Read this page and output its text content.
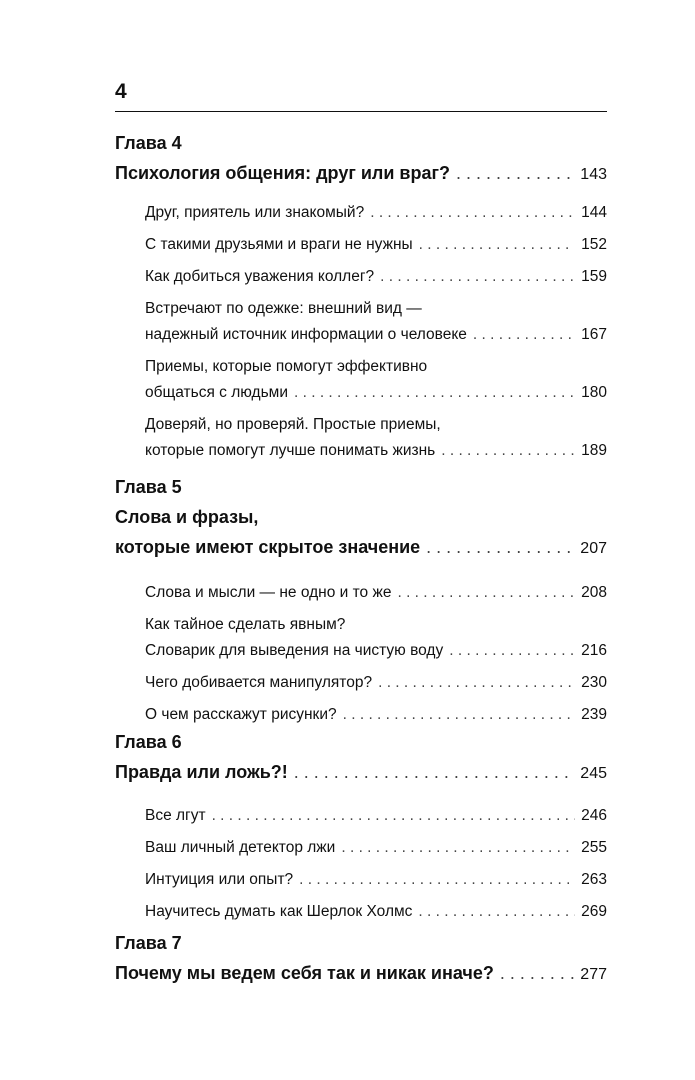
4
Глава 4
Психология общения: друг или враг? . . .	143
Друг, приятель или знакомый? . . .	144
С такими друзьями и враги не нужны . . .	152
Как добиться уважения коллег? . . .	159
Встречают по одежке: внешний вид —
надежный источник информации о человеке . . .	167
Приемы, которые помогут эффективно
общаться с людьми . . .	180
Доверяй, но проверяй. Простые приемы,
которые помогут лучше понимать жизнь . . .	189
Глава 5
Слова и фразы,
которые имеют скрытое значение . . .	207
Слова и мысли — не одно и то же . . .	208
Как тайное сделать явным?
Словарик для выведения на чистую воду . . .	216
Чего добивается манипулятор? . . .	230
О чем расскажут рисунки? . . .	239
Глава 6
Правда или ложь?! . . .	245
Все лгут . . .	246
Ваш личный детектор лжи . . .	255
Интуиция или опыт? . . .	263
Научитесь думать как Шерлок Холмс . . .	269
Глава 7
Почему мы ведем себя так и никак иначе? . . .	277
